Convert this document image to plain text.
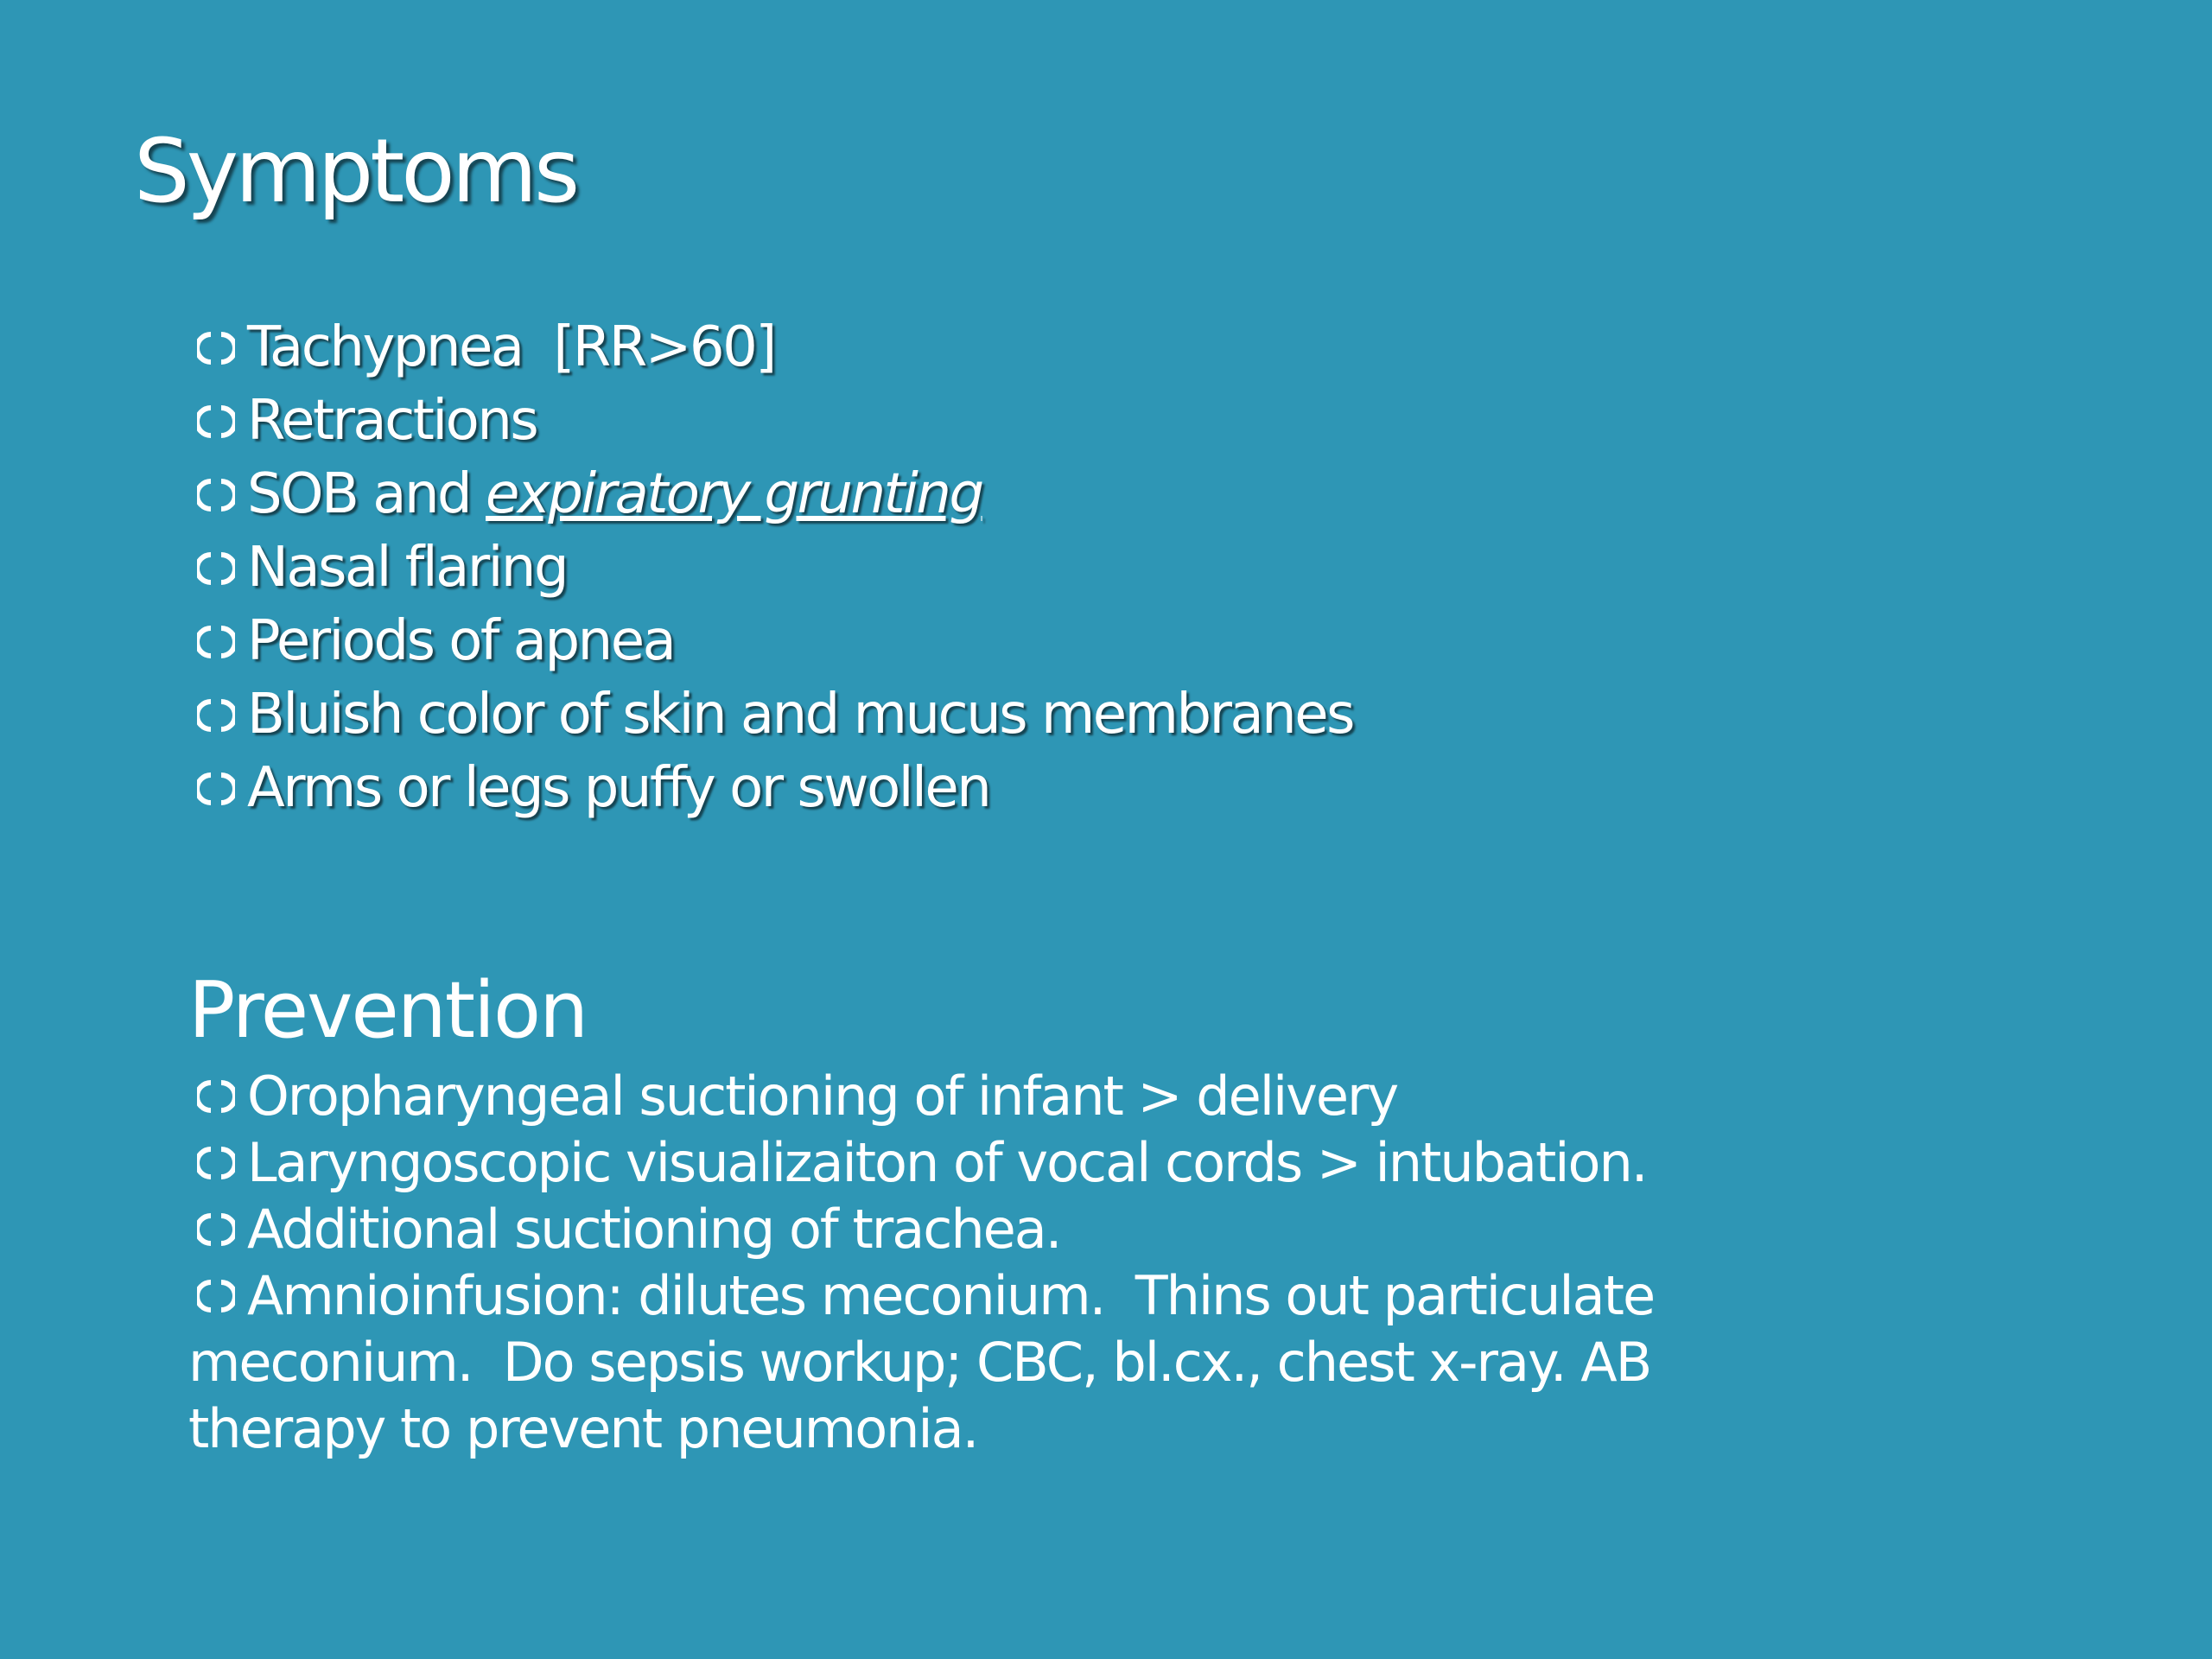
Symptoms
Tachypnea  [RR>60]
Retractions
SOB and expiratory grunting
Nasal flaring
Periods of apnea
Bluish color of skin and mucus membranes
Arms or legs puffy or swollen
Prevention
Oropharyngeal suctioning of infant > delivery
Laryngoscopic visualizaiton of vocal cords > intubation.
Additional suctioning of trachea.
Amnioinfusion: dilutes meconium.  Thins out particulate
meconium.  Do sepsis workup; CBC, bl.cx., chest x-ray. AB
therapy to prevent pneumonia.
